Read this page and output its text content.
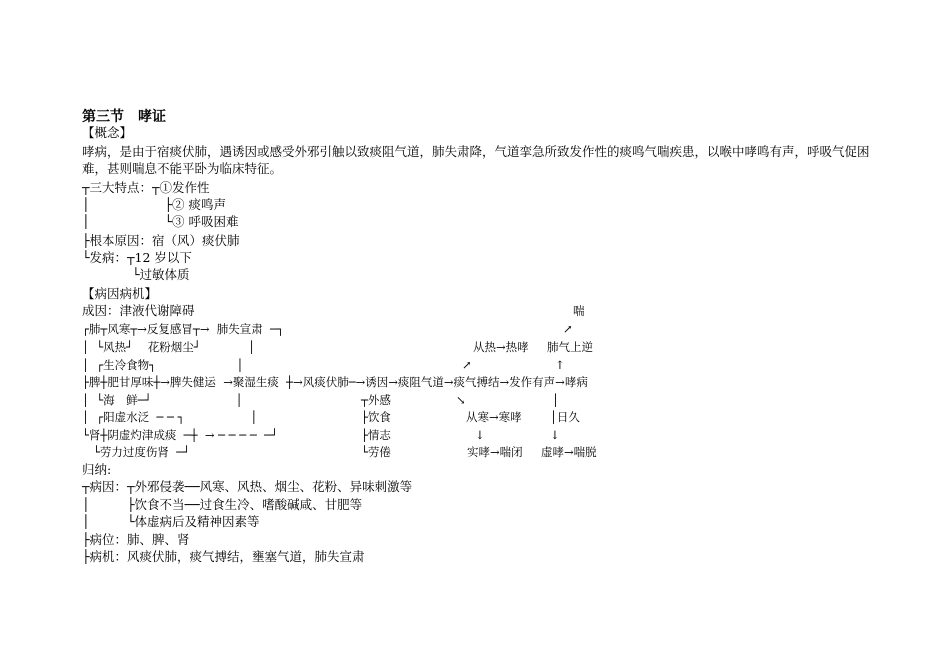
第三节　哮证
【概念】
哮病，是由于宿痰伏肺，遇诱因或感受外邪引触以致痰阻气道，肺失肃降，气道挛急所致发作性的痰鸣气喘疾患，以喉中哮鸣有声，呼吸气促困难，甚则喘息不能平卧为临床特征。
┬三大特点：┬①发作性
│　　　　　　├② 痰鸣声
│　　　　　　└③ 呼吸困难
├根本原因：宿（风）痰伏肺
└发病：┬12 岁以下
　　　　└过敏体质
【病因病机】
成因：津液代谢障碍
┌肺┬风寒┬→反复感冒┬→  肺失宣肃  ─┐
│  └风热┘    花粉烟尘┘             │
│  ┌生冷食物┐                      │
├脾┼肥甘厚味┼→脾失健运  →聚湿生痰  ┼→风痰伏肺─→诱因→痰阻气道→痰气搏结→发作有声→哮病
│  └海　鲜─┘                       │
│  ┌阳虚水泛  ─ ─ ┐                  │
└肾┼阴虚灼津成痰  ─┼  → ─ ─ ─ ─  ─┘
└劳力过度伤肾  ─┘
┬外感
├饮食
├情志
└劳倦
喘
↗
从热→热哮 肺气上逆
↗	↑
↘	│
从寒→寒哮 │日久
↓	↓
实哮→喘闭 虚哮→喘脱
归纳:
┬病因：┬外邪侵袭──风寒、风热、烟尘、花粉、异味刺激等
│　　　├饮食不当──过食生冷、嗜酸碱咸、甘肥等
│　　　└体虚病后及精神因素等
├病位：肺、脾、肾
├病机：风痰伏肺，痰气搏结，壅塞气道，肺失宣肃
